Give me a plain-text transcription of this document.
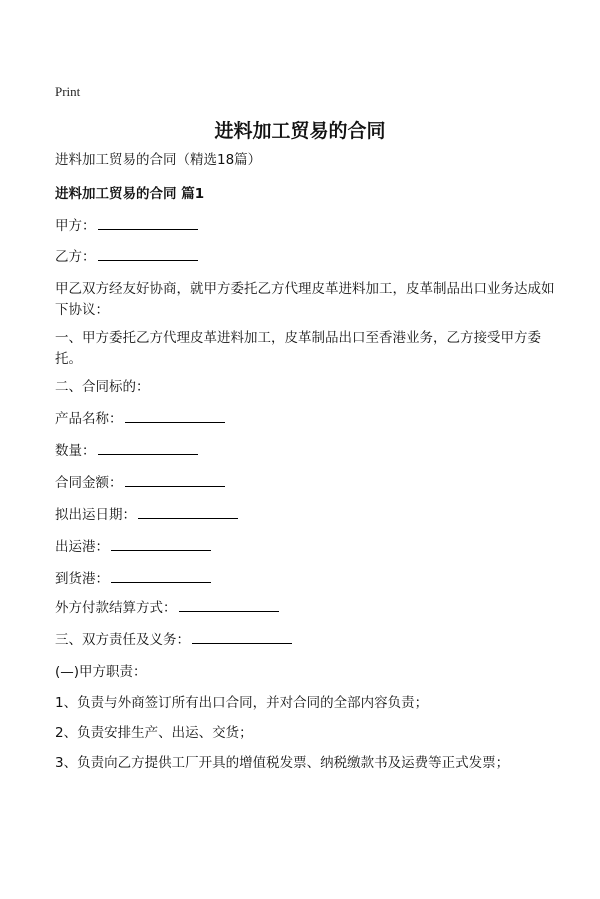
Print
进料加工贸易的合同
进料加工贸易的合同（精选18篇）
进料加工贸易的合同 篇1
甲方：
乙方：
甲乙双方经友好协商，就甲方委托乙方代理皮革进料加工，皮革制品出口业务达成如下协议：
一、甲方委托乙方代理皮革进料加工，皮革制品出口至香港业务，乙方接受甲方委托。
二、合同标的：
产品名称：
数量：
合同金额：
拟出运日期：
出运港：
到货港：
外方付款结算方式：
三、双方责任及义务：
(—)甲方职责：
1、负责与外商签订所有出口合同，并对合同的全部内容负责；
2、负责安排生产、出运、交货；
3、负责向乙方提供工厂开具的增值税发票、纳税缴款书及运费等正式发票；
